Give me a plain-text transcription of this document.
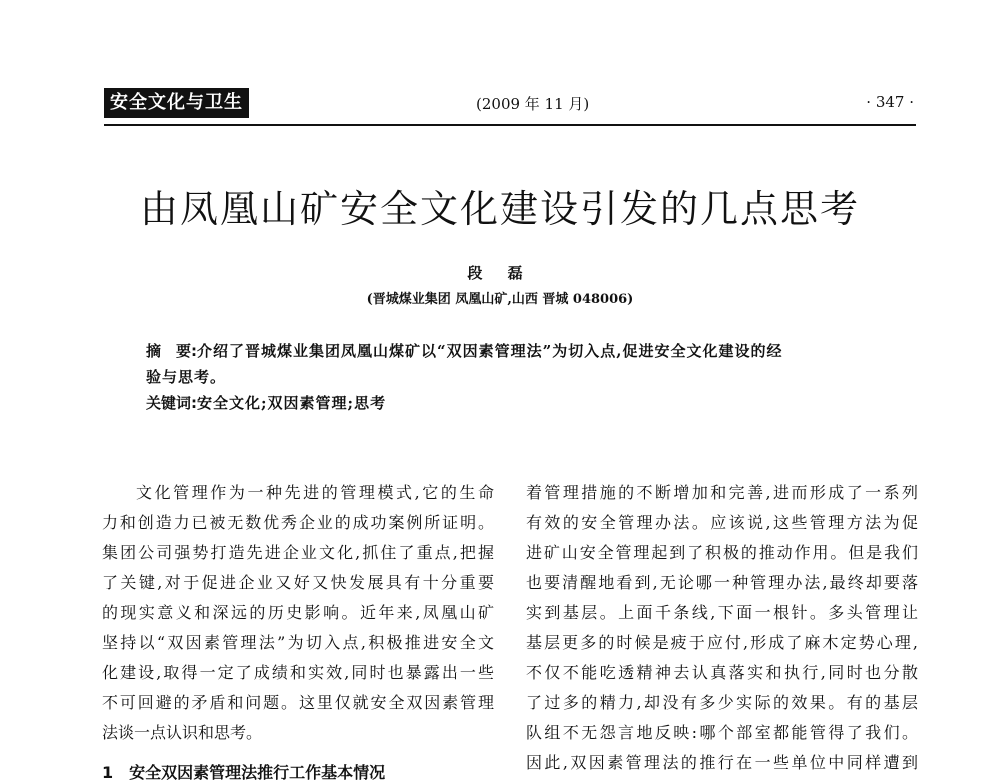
安全文化与卫生	(2009 年 11 月)	· 347 ·
由凤凰山矿安全文化建设引发的几点思考
段 磊
(晋城煤业集团 凤凰山矿,山西 晋城 048006)
摘　要:介绍了晋城煤业集团凤凰山煤矿以“双因素管理法”为切入点,促进安全文化建设的经
验与思考。
关键词:安全文化;双因素管理;思考
文化管理作为一种先进的管理模式,它的生命
力和创造力已被无数优秀企业的成功案例所证明。
集团公司强势打造先进企业文化,抓住了重点,把握
了关键,对于促进企业又好又快发展具有十分重要
的现实意义和深远的历史影响。近年来,凤凰山矿
坚持以“双因素管理法”为切入点,积极推进安全文
化建设,取得一定了成绩和实效,同时也暴露出一些
不可回避的矛盾和问题。这里仅就安全双因素管理
法谈一点认识和思考。
1　安全双因素管理法推行工作基本情况
着管理措施的不断增加和完善,进而形成了一系列
有效的安全管理办法。应该说,这些管理方法为促
进矿山安全管理起到了积极的推动作用。但是我们
也要清醒地看到,无论哪一种管理办法,最终却要落
实到基层。上面千条线,下面一根针。多头管理让
基层更多的时候是疲于应付,形成了麻木定势心理,
不仅不能吃透精神去认真落实和执行,同时也分散
了过多的精力,却没有多少实际的效果。有的基层
队组不无怨言地反映:哪个部室都能管得了我们。
因此,双因素管理法的推行在一些单位中同样遭到
